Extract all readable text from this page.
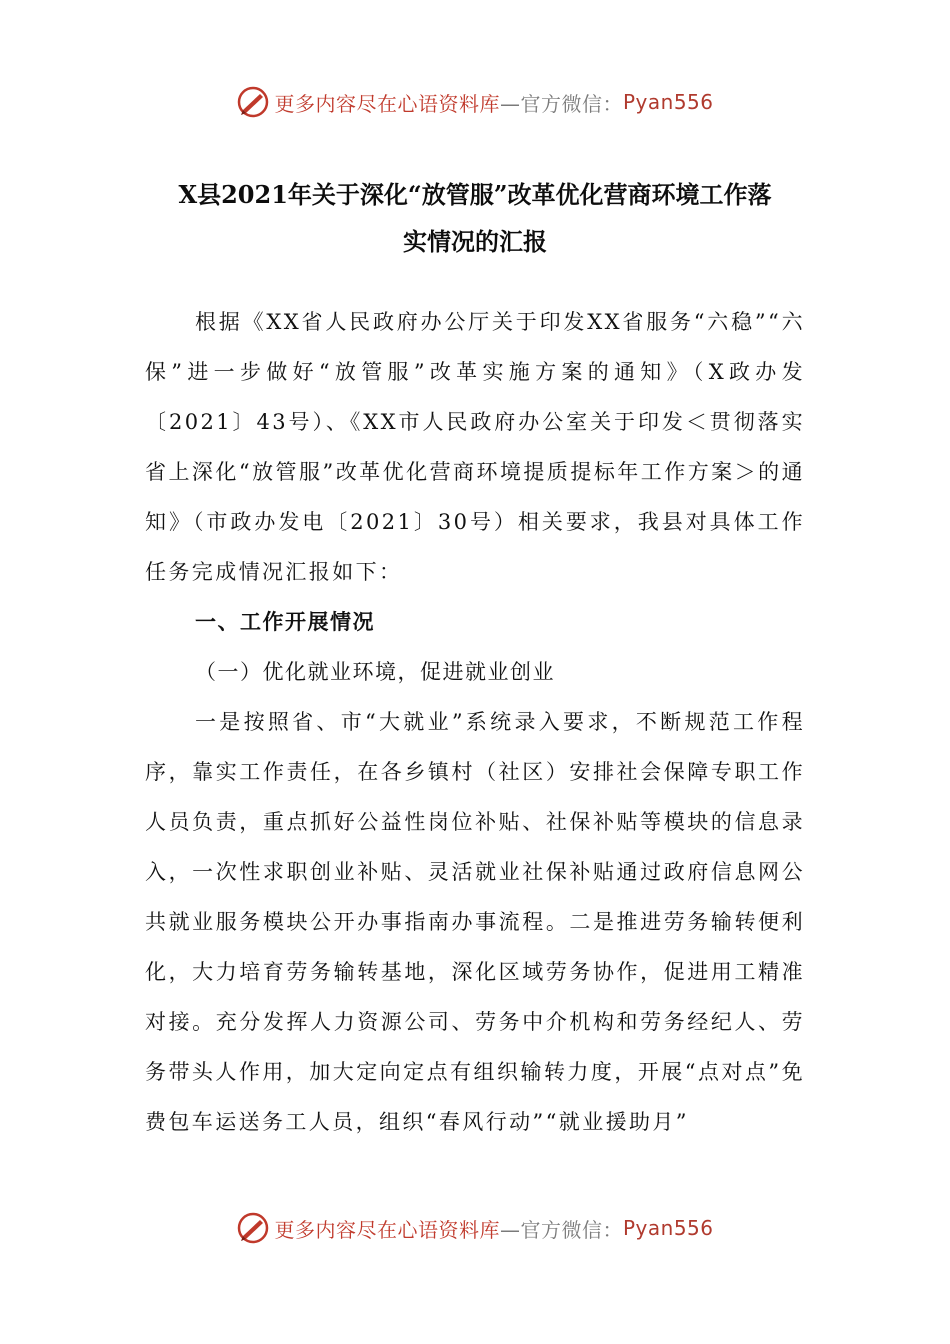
更多内容尽在心语资料库 —官方微信： Pyan556
X县2021年关于深化“放管服”改革优化营商环境工作落
实情况的汇报

根据《XX省人民政府办公厅关于印发XX省服务“六稳”“六保”进一步做好“放管服”改革实施方案的通知》（X政办发〔2021〕43号）、《XX市人民政府办公室关于印发＜贯彻落实省上深化“放管服”改革优化营商环境提质提标年工作方案＞的通知》（市政办发电〔2021〕30号）相关要求，我县对具体工作任务完成情况汇报如下：

一、工作开展情况

（一）优化就业环境，促进就业创业

一是按照省、市“大就业”系统录入要求，不断规范工作程序，靠实工作责任，在各乡镇村（社区）安排社会保障专职工作人员负责，重点抓好公益性岗位补贴、社保补贴等模块的信息录入，一次性求职创业补贴、灵活就业社保补贴通过政府信息网公共就业服务模块公开办事指南办事流程。二是推进劳务输转便利化，大力培育劳务输转基地，深化区域劳务协作，促进用工精准对接。充分发挥人力资源公司、劳务中介机构和劳务经纪人、劳务带头人作用，加大定向定点有组织输转力度，开展“点对点”免费包车运送务工人员，组织“春风行动”“就业援助月”

更多内容尽在心语资料库 —官方微信： Pyan556
